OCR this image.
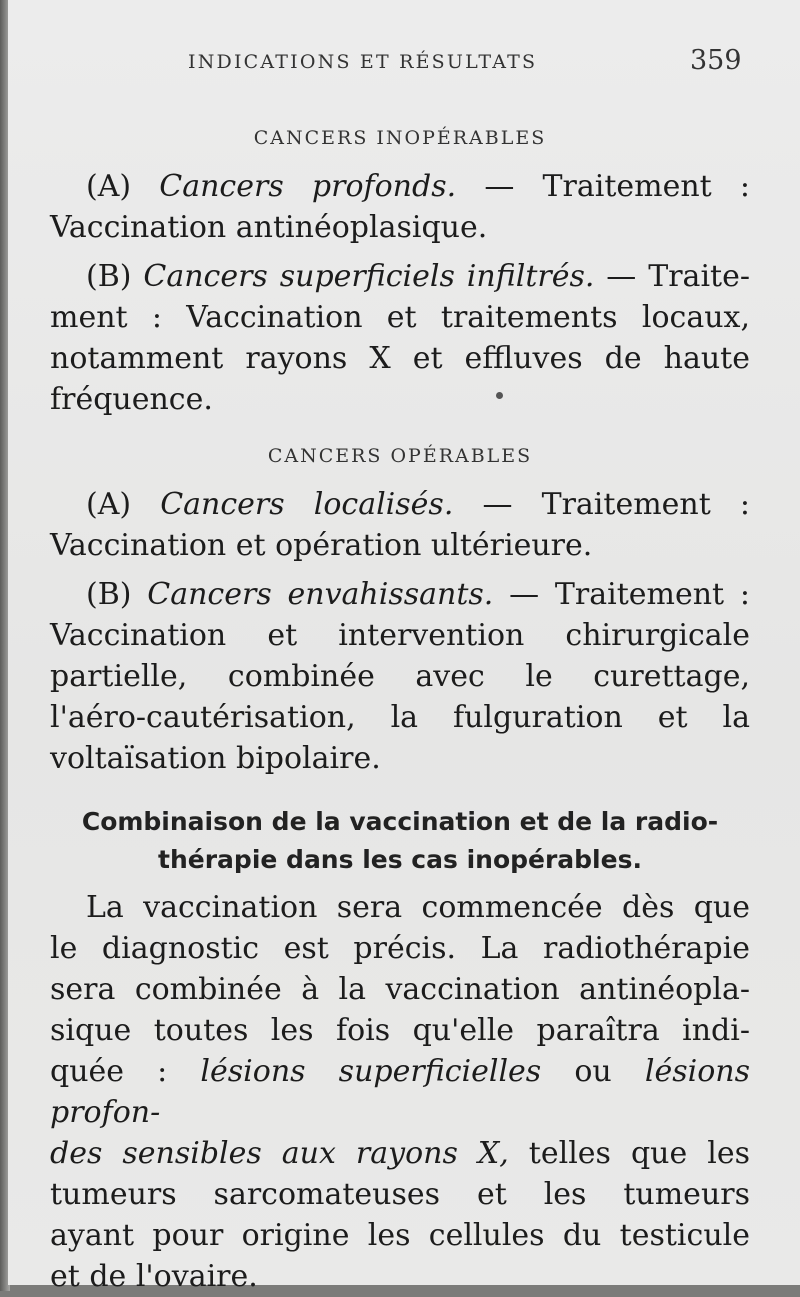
INDICATIONS ET RÉSULTATS	359

CANCERS INOPÉRABLES

(A) Cancers profonds. — Traitement :
Vaccination antinéoplasique.

(B) Cancers superficiels infiltrés. — Traite-
ment : Vaccination et traitements locaux,
notamment rayons X et effluves de haute
fréquence.

CANCERS OPÉRABLES

(A) Cancers localisés. — Traitement :
Vaccination et opération ultérieure.

(B) Cancers envahissants. — Traitement :
Vaccination et intervention chirurgicale
partielle, combinée avec le curettage,
l'aéro-cautérisation, la fulguration et la
voltaïsation bipolaire.

Combinaison de la vaccination et de la radio-
thérapie dans les cas inopérables.

La vaccination sera commencée dès que
le diagnostic est précis. La radiothérapie
sera combinée à la vaccination antinéopla-
sique toutes les fois qu'elle paraîtra indi-
quée : lésions superficielles ou lésions profon-
des sensibles aux rayons X, telles que les
tumeurs sarcomateuses et les tumeurs
ayant pour origine les cellules du testicule
et de l'ovaire.
